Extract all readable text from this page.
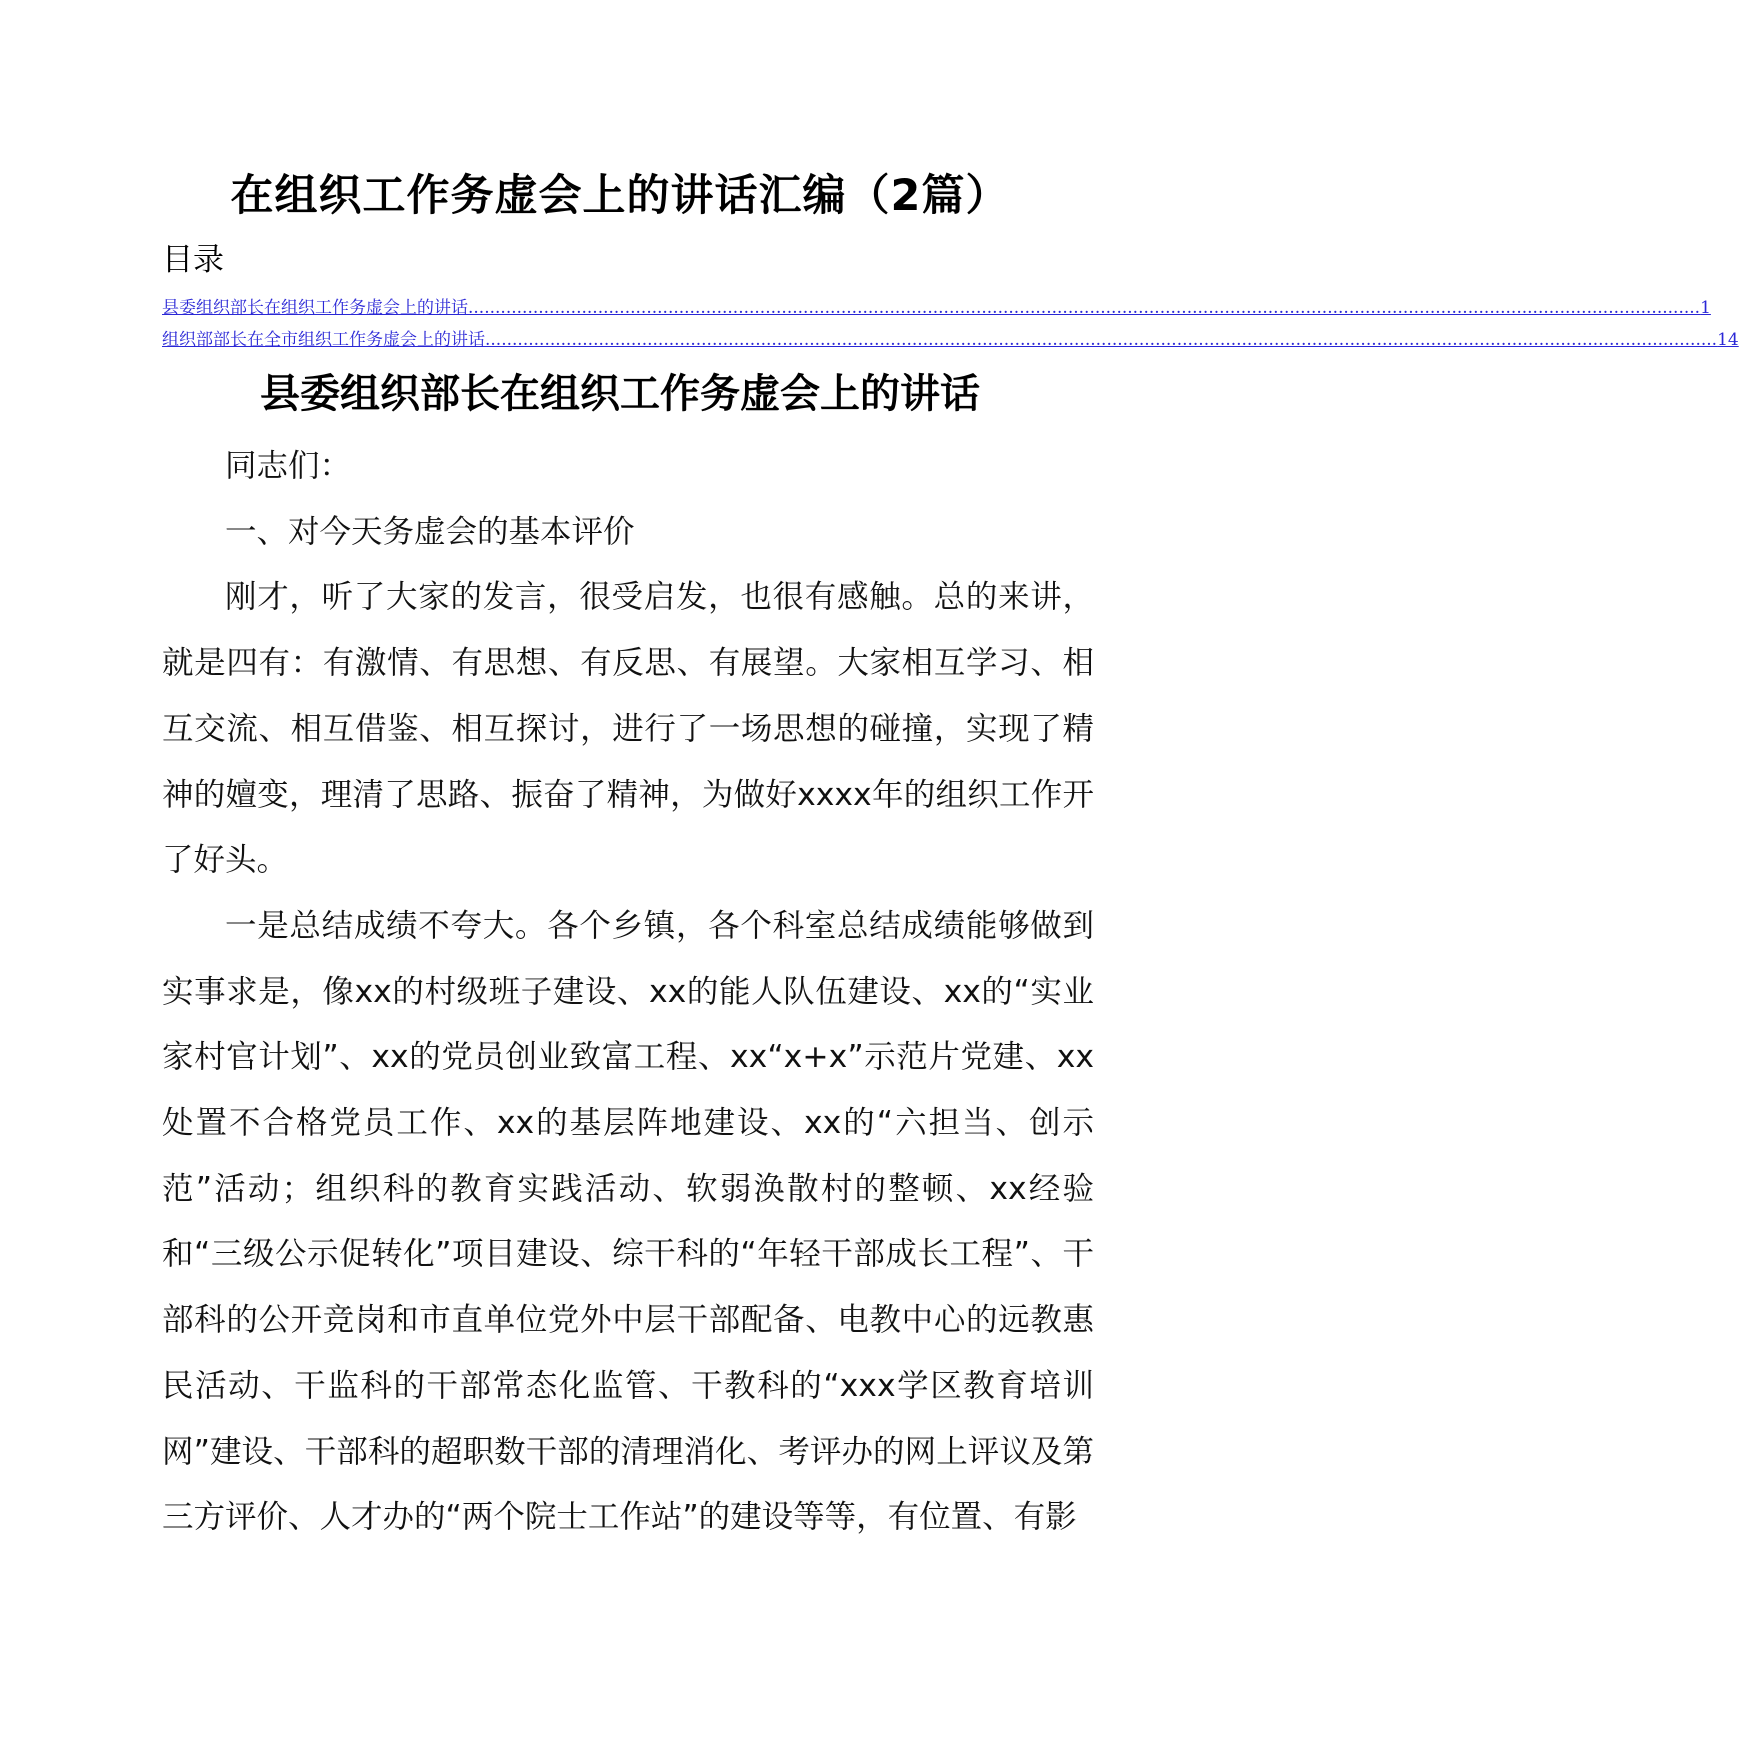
在组织工作务虚会上的讲话汇编（2篇）
目录
县委组织部长在组织工作务虚会上的讲话 .................................................................................................................................................................................................................................... 1
组织部部长在全市组织工作务虚会上的讲话 .................................................................................................................................................................................................................................... 14
县委组织部长在组织工作务虚会上的讲话

同志们：

一、对今天务虚会的基本评价

刚才，听了大家的发言，很受启发，也很有感触。总的来讲，就是四有：有激情、有思想、有反思、有展望。大家相互学习、相互交流、相互借鉴、相互探讨，进行了一场思想的碰撞，实现了精神的嬗变，理清了思路、振奋了精神，为做好xxxx年的组织工作开了好头。

一是总结成绩不夸大。各个乡镇，各个科室总结成绩能够做到实事求是，像xx的村级班子建设、xx的能人队伍建设、xx的“实业家村官计划”、xx的党员创业致富工程、xx“x+x”示范片党建、xx处置不合格党员工作、xx的基层阵地建设、xx的“六担当、创示范”活动；组织科的教育实践活动、软弱涣散村的整顿、xx经验和“三级公示促转化”项目建设、综干科的“年轻干部成长工程”、干部科的公开竞岗和市直单位党外中层干部配备、电教中心的远教惠民活动、干监科的干部常态化监管、干教科的“xxx学区教育培训网”建设、干部科的超职数干部的清理消化、考评办的网上评议及第三方评价、人才办的“两个院士工作站”的建设等等，有位置、有影
